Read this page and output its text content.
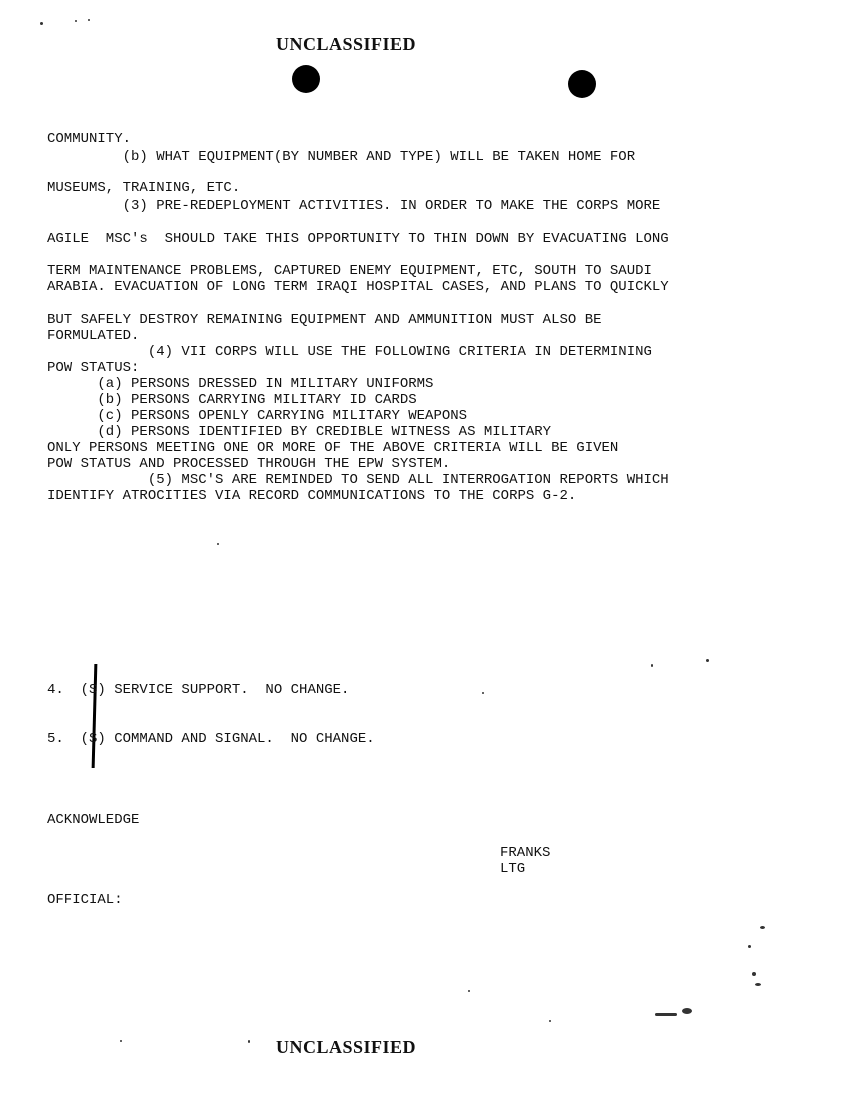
UNCLASSIFIED
UNCLASSIFIED
COMMUNITY.
(b) WHAT EQUIPMENT(BY NUMBER AND TYPE) WILL BE TAKEN HOME FOR
MUSEUMS, TRAINING, ETC.
(3) PRE-REDEPLOYMENT ACTIVITIES. IN ORDER TO MAKE THE CORPS MORE
AGILE  MSC's  SHOULD TAKE THIS OPPORTUNITY TO THIN DOWN BY EVACUATING LONG
TERM MAINTENANCE PROBLEMS, CAPTURED ENEMY EQUIPMENT, ETC, SOUTH TO SAUDI
ARABIA. EVACUATION OF LONG TERM IRAQI HOSPITAL CASES, AND PLANS TO QUICKLY
BUT SAFELY DESTROY REMAINING EQUIPMENT AND AMMUNITION MUST ALSO BE
FORMULATED.
(4) VII CORPS WILL USE THE FOLLOWING CRITERIA IN DETERMINING
POW STATUS:
(a) PERSONS DRESSED IN MILITARY UNIFORMS
(b) PERSONS CARRYING MILITARY ID CARDS
(c) PERSONS OPENLY CARRYING MILITARY WEAPONS
(d) PERSONS IDENTIFIED BY CREDIBLE WITNESS AS MILITARY
ONLY PERSONS MEETING ONE OR MORE OF THE ABOVE CRITERIA WILL BE GIVEN
POW STATUS AND PROCESSED THROUGH THE EPW SYSTEM.
(5) MSC'S ARE REMINDED TO SEND ALL INTERROGATION REPORTS WHICH
IDENTIFY ATROCITIES VIA RECORD COMMUNICATIONS TO THE CORPS G-2.
4.  (S) SERVICE SUPPORT.  NO CHANGE.
5.  (S) COMMAND AND SIGNAL.  NO CHANGE.
ACKNOWLEDGE
FRANKS
LTG
OFFICIAL:
